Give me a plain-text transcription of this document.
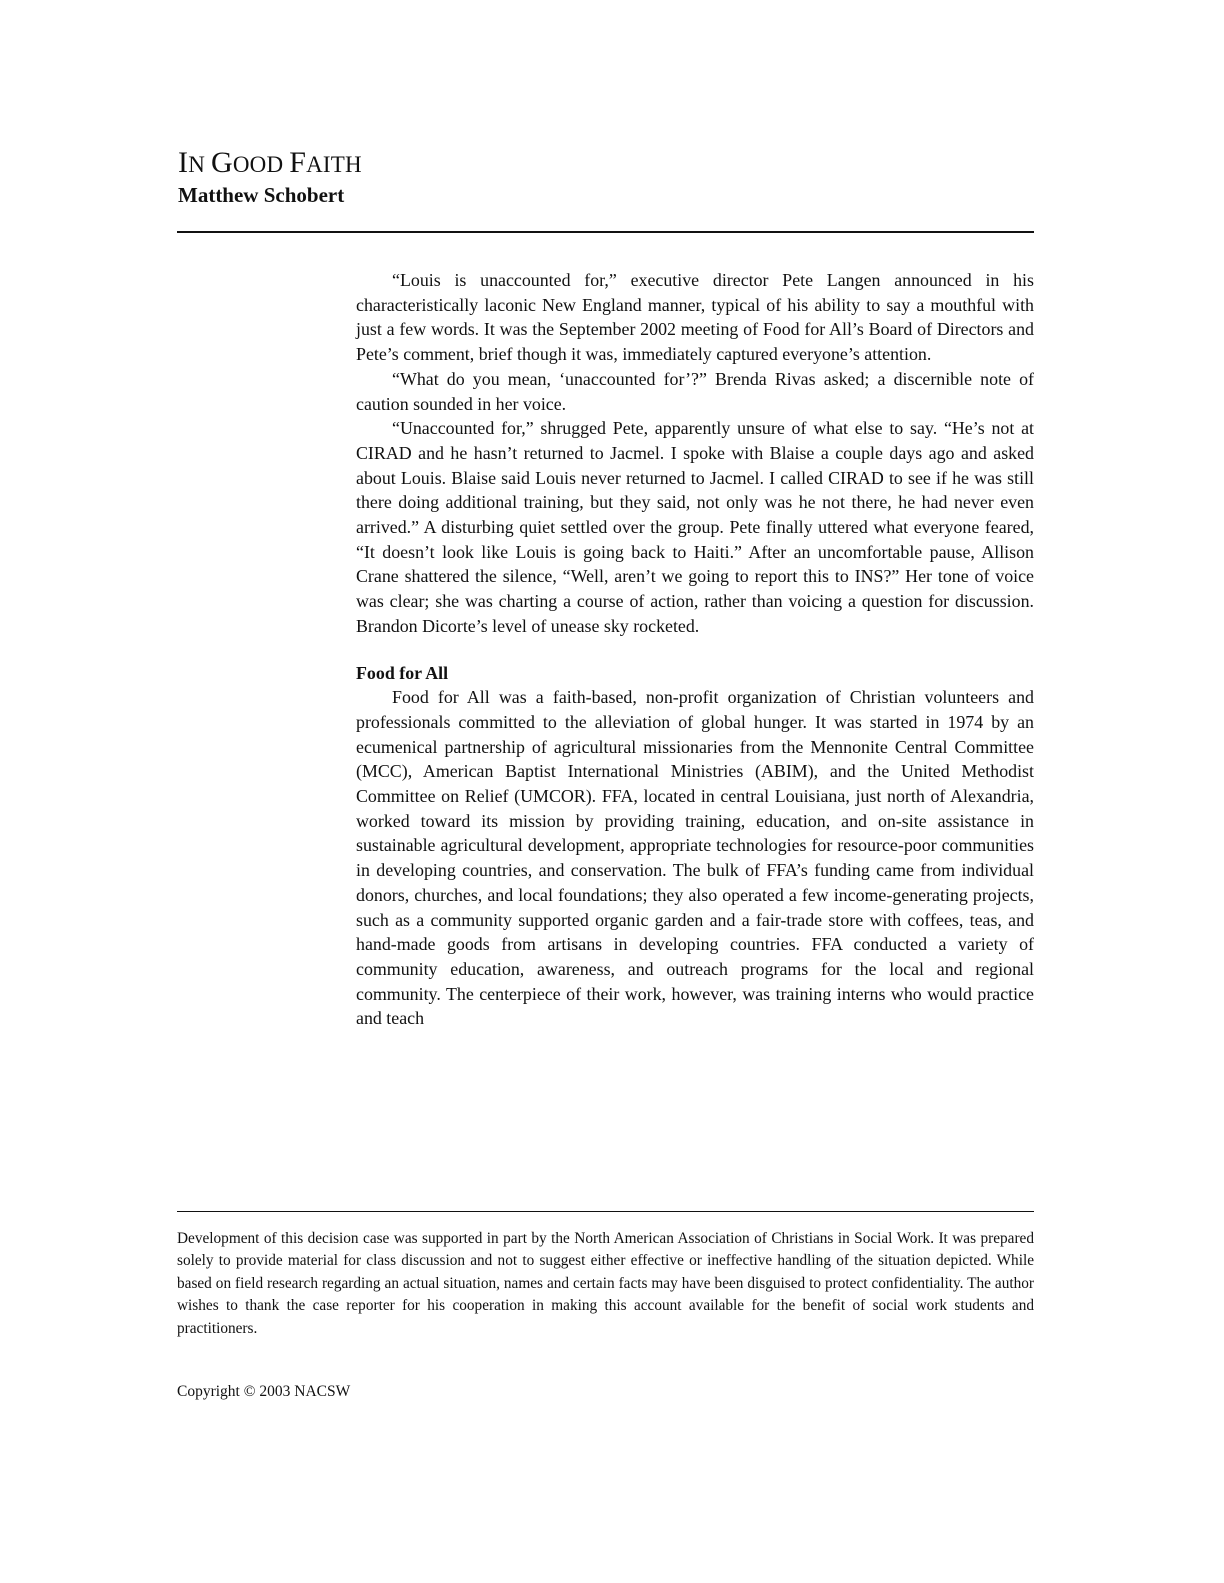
IN GOOD FAITH

Matthew Schobert

“Louis is unaccounted for,” executive director Pete Langen announced in his characteristically laconic New England manner, typical of his ability to say a mouthful with just a few words. It was the September 2002 meeting of Food for All’s Board of Directors and Pete’s comment, brief though it was, immediately captured everyone’s attention.

“What do you mean, ‘unaccounted for’?” Brenda Rivas asked; a discernible note of caution sounded in her voice.

“Unaccounted for,” shrugged Pete, apparently unsure of what else to say. “He’s not at CIRAD and he hasn’t returned to Jacmel. I spoke with Blaise a couple days ago and asked about Louis. Blaise said Louis never returned to Jacmel. I called CIRAD to see if he was still there doing additional training, but they said, not only was he not there, he had never even arrived.” A disturbing quiet settled over the group. Pete finally uttered what everyone feared, “It doesn’t look like Louis is going back to Haiti.” After an uncomfortable pause, Allison Crane shattered the silence, “Well, aren’t we going to report this to INS?” Her tone of voice was clear; she was charting a course of action, rather than voicing a question for discussion. Brandon Dicorte’s level of unease sky rocketed.

Food for All

Food for All was a faith-based, non-profit organization of Christian volunteers and professionals committed to the alleviation of global hunger. It was started in 1974 by an ecumenical partnership of agricultural missionaries from the Mennonite Central Committee (MCC), American Baptist International Ministries (ABIM), and the United Methodist Committee on Relief (UMCOR). FFA, located in central Louisiana, just north of Alexandria, worked toward its mission by providing training, education, and on-site assistance in sustainable agricultural development, appropriate technologies for resource-poor communities in developing countries, and conservation. The bulk of FFA’s funding came from individual donors, churches, and local foundations; they also operated a few income-generating projects, such as a community supported organic garden and a fair-trade store with coffees, teas, and hand-made goods from artisans in developing countries. FFA conducted a variety of community education, awareness, and outreach programs for the local and regional community. The centerpiece of their work, however, was training interns who would practice and teach

Development of this decision case was supported in part by the North American Association of Christians in Social Work. It was prepared solely to provide material for class discussion and not to suggest either effective or ineffective handling of the situation depicted. While based on field research regarding an actual situation, names and certain facts may have been disguised to protect confidentiality. The author wishes to thank the case reporter for his cooperation in making this account available for the benefit of social work students and practitioners.

Copyright © 2003 NACSW
